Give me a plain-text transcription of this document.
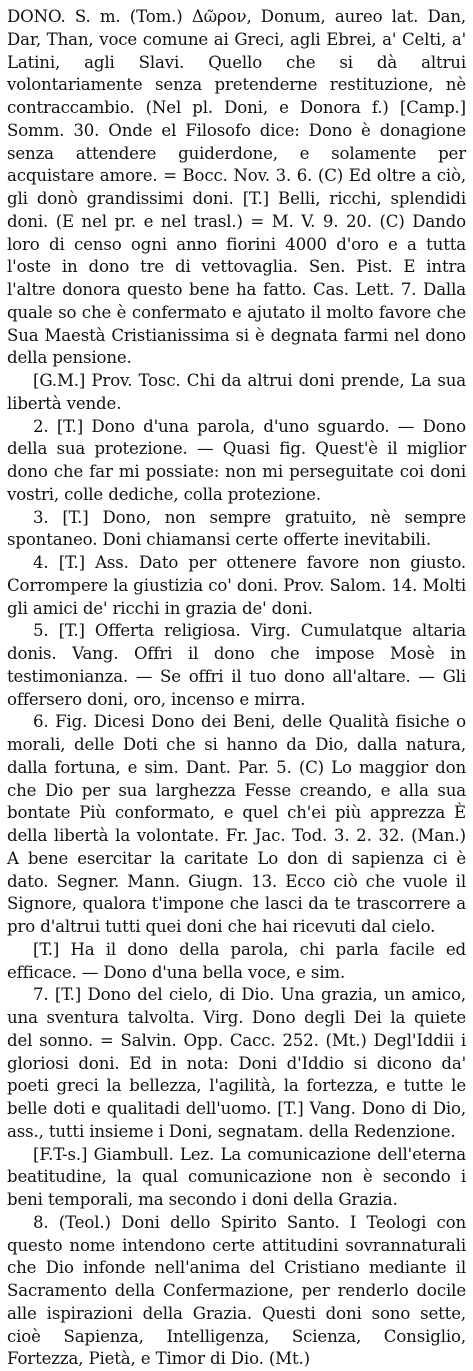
DONO. S. m. (Tom.) Δῶρον, Donum, aureo lat. Dan, Dar, Than, voce comune ai Greci, agli Ebrei, a' Celti, a' Latini, agli Slavi. Quello che si dà altrui volontariamente senza pretenderne restituzione, nè contraccambio. (Nel pl. Doni, e Donora f.) [Camp.] Somm. 30. Onde el Filosofo dice: Dono è donagione senza attendere guiderdone, e solamente per acquistare amore. = Bocc. Nov. 3. 6. (C) Ed oltre a ciò, gli donò grandissimi doni. [T.] Belli, ricchi, splendidi doni. (E nel pr. e nel trasl.) = M. V. 9. 20. (C) Dando loro di censo ogni anno fiorini 4000 d'oro e a tutta l'oste in dono tre di vettovaglia. Sen. Pist. E intra l'altre donora questo bene ha fatto. Cas. Lett. 7. Dalla quale so che è confermato e ajutato il molto favore che Sua Maestà Cristianissima si è degnata farmi nel dono della pensione.

[G.M.] Prov. Tosc. Chi da altrui doni prende, La sua libertà vende.

2. [T.] Dono d'una parola, d'uno sguardo. — Dono della sua protezione. — Quasi fig. Quest'è il miglior dono che far mi possiate: non mi perseguitate coi doni vostri, colle dediche, colla protezione.

3. [T.] Dono, non sempre gratuito, nè sempre spontaneo. Doni chiamansi certe offerte inevitabili.

4. [T.] Ass. Dato per ottenere favore non giusto. Corrompere la giustizia co' doni. Prov. Salom. 14. Molti gli amici de' ricchi in grazia de' doni.

5. [T.] Offerta religiosa. Virg. Cumulatque altaria donis. Vang. Offri il dono che impose Mosè in testimonianza. — Se offri il tuo dono all'altare. — Gli offersero doni, oro, incenso e mirra.

6. Fig. Dicesi Dono dei Beni, delle Qualità fisiche o morali, delle Doti che si hanno da Dio, dalla natura, dalla fortuna, e sim. Dant. Par. 5. (C) Lo maggior don che Dio per sua larghezza Fesse creando, e alla sua bontate Più conformato, e quel ch'ei più apprezza È della libertà la volontate. Fr. Jac. Tod. 3. 2. 32. (Man.) A bene esercitar la caritate Lo don di sapienza ci è dato. Segner. Mann. Giugn. 13. Ecco ciò che vuole il Signore, qualora t'impone che lasci da te trascorrere a pro d'altrui tutti quei doni che hai ricevuti dal cielo.

[T.] Ha il dono della parola, chi parla facile ed efficace. — Dono d'una bella voce, e sim.

7. [T.] Dono del cielo, di Dio. Una grazia, un amico, una sventura talvolta. Virg. Dono degli Dei la quiete del sonno. = Salvin. Opp. Cacc. 252. (Mt.) Degl'Iddii i gloriosi doni. Ed in nota: Doni d'Iddio si dicono da' poeti greci la bellezza, l'agilità, la fortezza, e tutte le belle doti e qualitadi dell'uomo. [T.] Vang. Dono di Dio, ass., tutti insieme i Doni, segnatam. della Redenzione.

[F.T-s.] Giambull. Lez. La comunicazione dell'eterna beatitudine, la qual comunicazione non è secondo i beni temporali, ma secondo i doni della Grazia.

8. (Teol.) Doni dello Spirito Santo. I Teologi con questo nome intendono certe attitudini sovrannaturali che Dio infonde nell'anima del Cristiano mediante il Sacramento della Confermazione, per renderlo docile alle ispirazioni della Grazia. Questi doni sono sette, cioè Sapienza, Intelligenza, Scienza, Consiglio, Fortezza, Pietà, e Timor di Dio. (Mt.)
